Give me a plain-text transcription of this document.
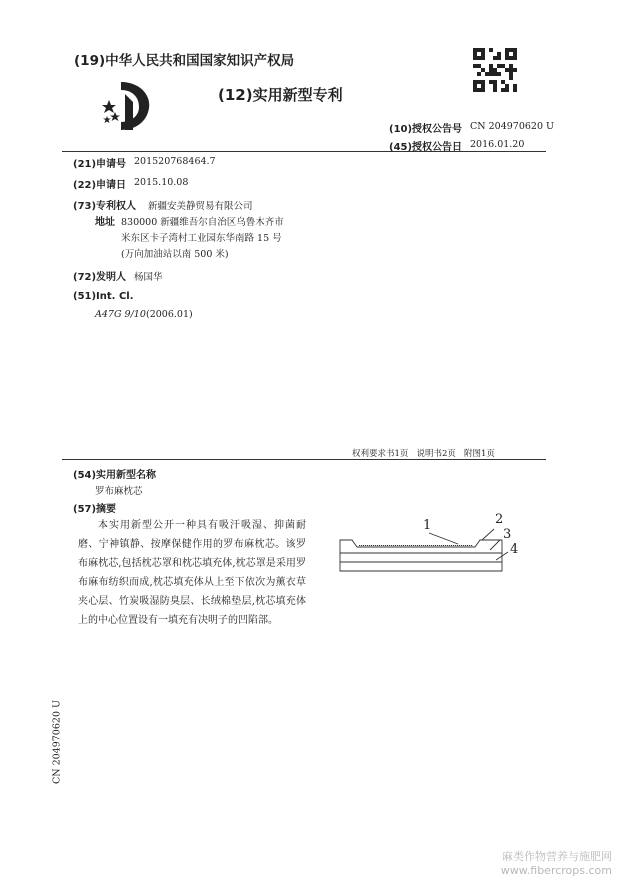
(19)中华人民共和国国家知识产权局
(12)实用新型专利
(10)授权公告号 CN 204970620 U
(45)授权公告日 2016.01.20
(21)申请号 201520768464.7
(22)申请日 2015.10.08
(73)专利权人 新疆安美静贸易有限公司
地址 830000 新疆维吾尔自治区乌鲁木齐市
米东区卡子湾村工业园东华南路 15 号
(万向加油站以南 500 米)
(72)发明人 杨国华
(51)Int. Cl.
A47G 9/10 (2006.01)
权利要求书1页   说明书2页   附图1页
(54)实用新型名称
罗布麻枕芯
(57)摘要
本实用新型公开一种具有吸汗吸湿、抑菌耐磨、宁神镇静、按摩保健作用的罗布麻枕芯。该罗布麻枕芯,包括枕芯罩和枕芯填充体,枕芯罩是采用罗布麻布纺织而成,枕芯填充体从上至下依次为薰衣草夹心层、竹炭吸湿防臭层、长绒棉垫层,枕芯填充体上的中心位置设有一填充有决明子的凹陷部。
1	2
3
4
CN 204970620 U
麻类作物营养与施肥网
www.fibercrops.com
